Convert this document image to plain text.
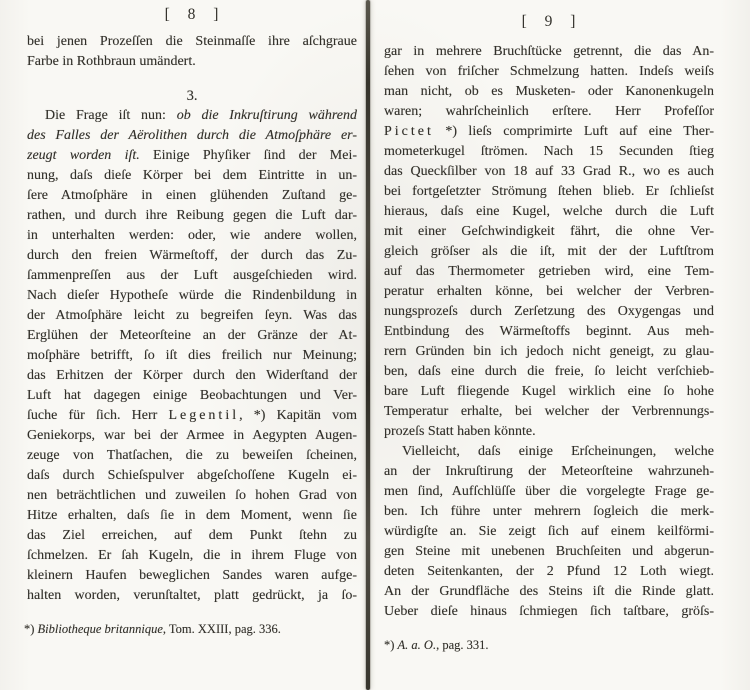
[ 8 ]
bei jenen Prozeſſen die Steinmaſſe ihre aſchgraue
Farbe in Rothbraun umändert.
3.
Die Frage iſt nun: ob die Inkruſtirung während
des Falles der Aërolithen durch die Atmoſphäre er-
zeugt worden iſt. Einige Phyſiker ſind der Mei-
nung, daſs dieſe Körper bei dem Eintritte in un-
ſere Atmoſphäre in einen glühenden Zuſtand ge-
rathen, und durch ihre Reibung gegen die Luft dar-
in unterhalten werden: oder, wie andere wollen,
durch den freien Wärmeſtoff, der durch das Zu-
ſammenpreſſen aus der Luft ausgeſchieden wird.
Nach dieſer Hypotheſe würde die Rindenbildung in
der Atmoſphäre leicht zu begreifen ſeyn. Was das
Erglühen der Meteorſteine an der Gränze der At-
moſphäre betrifft, ſo iſt dies freilich nur Meinung;
das Erhitzen der Körper durch den Widerſtand der
Luft hat dagegen einige Beobachtungen und Ver-
ſuche für ſich. Herr Legentil, *) Kapitän vom
Geniekorps, war bei der Armee in Aegypten Augen-
zeuge von Thatſachen, die zu beweiſen ſcheinen,
daſs durch Schieſspulver abgeſchoſſene Kugeln ei-
nen beträchtlichen und zuweilen ſo hohen Grad von
Hitze erhalten, daſs ſie in dem Moment, wenn ſie
das Ziel erreichen, auf dem Punkt ſtehn zu
ſchmelzen. Er ſah Kugeln, die in ihrem Fluge von
kleinern Haufen beweglichen Sandes waren aufge-
halten worden, verunſtaltet, platt gedrückt, ja ſo-
*) Bibliotheque britannique, Tom. XXIII, pag. 336.
[ 9 ]
gar in mehrere Bruchſtücke getrennt, die das An-
ſehen von friſcher Schmelzung hatten. Indeſs weiſs
man nicht, ob es Musketen- oder Kanonenkugeln
waren; wahrſcheinlich erſtere. Herr Profeſſor
Pictet *) lieſs comprimirte Luft auf eine Ther-
mometerkugel ſtrömen. Nach 15 Secunden ſtieg
das Queckſilber von 18 auf 33 Grad R., wo es auch
bei fortgeſetzter Strömung ſtehen blieb. Er ſchlieſst
hieraus, daſs eine Kugel, welche durch die Luft
mit einer Geſchwindigkeit fährt, die ohne Ver-
gleich gröſser als die iſt, mit der der Luftſtrom
auf das Thermometer getrieben wird, eine Tem-
peratur erhalten könne, bei welcher der Verbren-
nungsprozeſs durch Zerſetzung des Oxygengas und
Entbindung des Wärmeſtoffs beginnt. Aus meh-
rern Gründen bin ich jedoch nicht geneigt, zu glau-
ben, daſs eine durch die freie, ſo leicht verſchieb-
bare Luft fliegende Kugel wirklich eine ſo hohe
Temperatur erhalte, bei welcher der Verbrennungs-
prozeſs Statt haben könnte.
Vielleicht, daſs einige Erſcheinungen, welche
an der Inkruſtirung der Meteorſteine wahrzuneh-
men ſind, Aufſchlüſſe über die vorgelegte Frage ge-
ben. Ich führe unter mehrern ſogleich die merk-
würdigſte an. Sie zeigt ſich auf einem keilförmi-
gen Steine mit unebenen Bruchſeiten und abgerun-
deten Seitenkanten, der 2 Pfund 12 Loth wiegt.
An der Grundfläche des Steins iſt die Rinde glatt.
Ueber dieſe hinaus ſchmiegen ſich taſtbare, gröſs-
*) A. a. O., pag. 331.
